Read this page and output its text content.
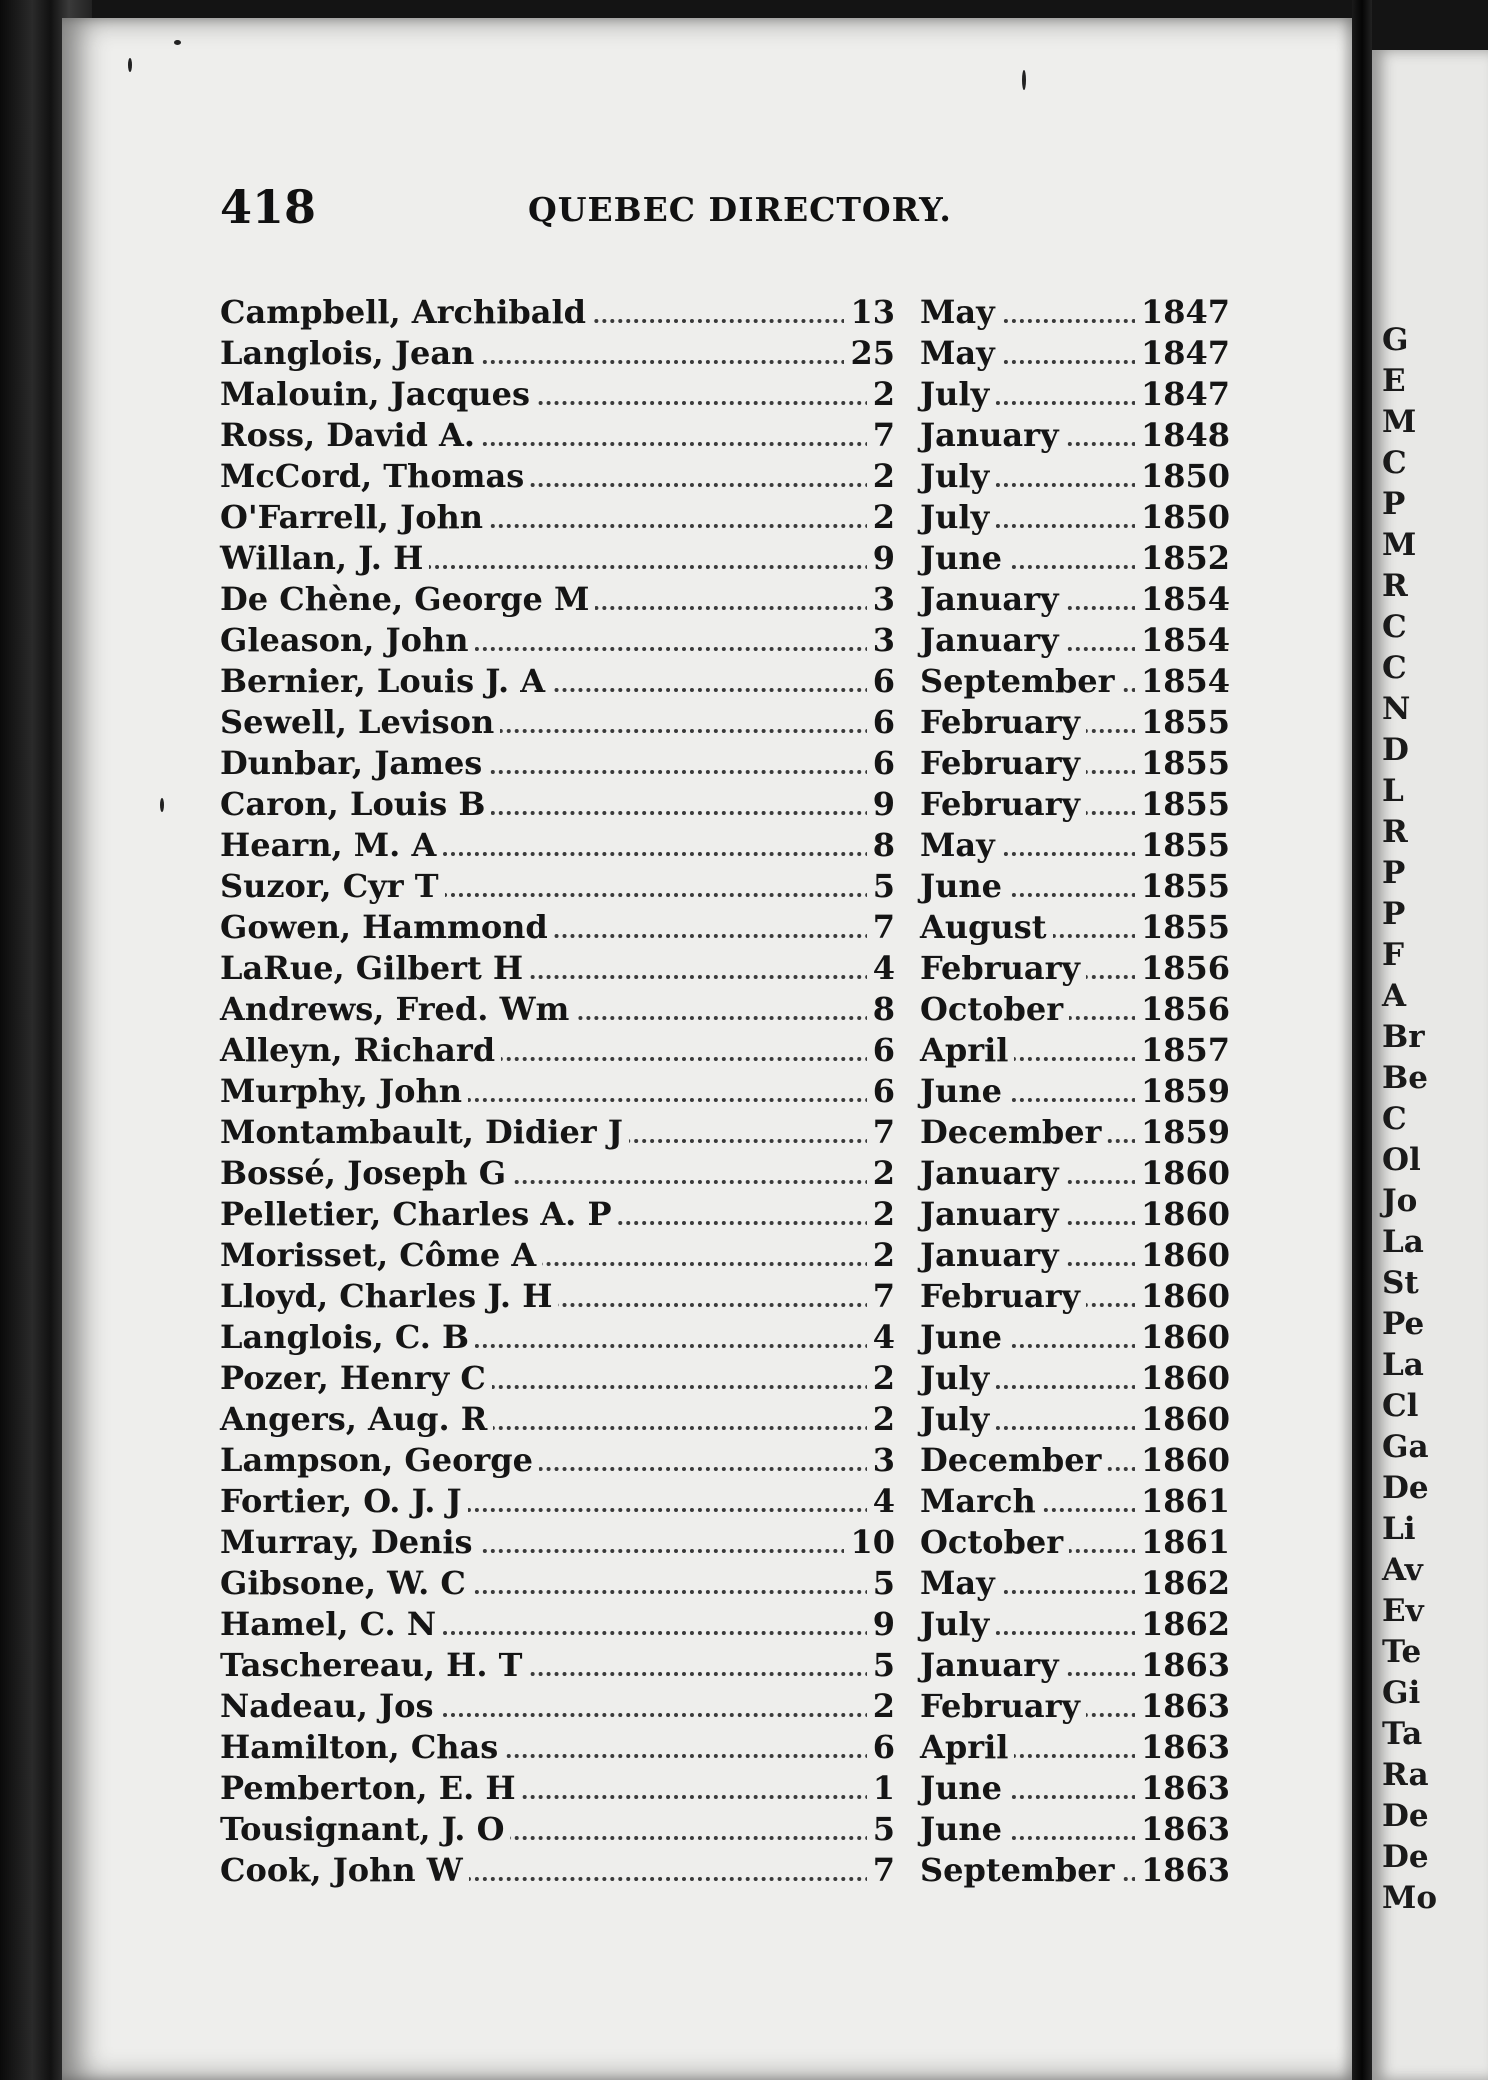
418	QUEBEC DIRECTORY.
Campbell, Archibald	13 May	1847
Langlois, Jean	25 May	1847
Malouin, Jacques	2 July	1847
Ross, David A.	7 January	1848
McCord, Thomas	2 July	1850
O'Farrell, John	2 July	1850
Willan, J. H	9 June	1852
De Chène, George M	3 January	1854
Gleason, John	3 January	1854
Bernier, Louis J. A	6 September 1854
Sewell, Levison	6 February 1855
Dunbar, James	6 February 1855
Caron, Louis B	9 February 1855
Hearn, M. A	8 May	1855
Suzor, Cyr T	5 June	1855
Gowen, Hammond	7 August	1855
LaRue, Gilbert H	4 February 1856
Andrews, Fred. Wm	8 October 1856
Alleyn, Richard	6 April	1857
Murphy, John	6 June	1859
Montambault, Didier J	7 December 1859
Bossé, Joseph G	2 January	1860
Pelletier, Charles A. P	2 January	1860
Morisset, Côme A	2 January	1860
Lloyd, Charles J. H	7 February 1860
Langlois, C. B	4 June	1860
Pozer, Henry C	2 July	1860
Angers, Aug. R	2 July	1860
Lampson, George	3 December 1860
Fortier, O. J. J	4 March	1861
Murray, Denis	10 October 1861
Gibsone, W. C	5 May	1862
Hamel, C. N	9 July	1862
Taschereau, H. T	5 January	1863
Nadeau, Jos	2 February 1863
Hamilton, Chas	6 April	1863
Pemberton, E. H	1 June	1863
Tousignant, J. O	5 June	1863
Cook, John W	7 September 1863
G
E
M
C
P
M
R
C
C
N
D
L
R
P
P
F
A
Br
Be
C
Ol
Jo
La
St
Pe
La
Cl
Ga
De
Li
Av
Ev
Te
Gi
Ta
Ra
De
De
Mo
